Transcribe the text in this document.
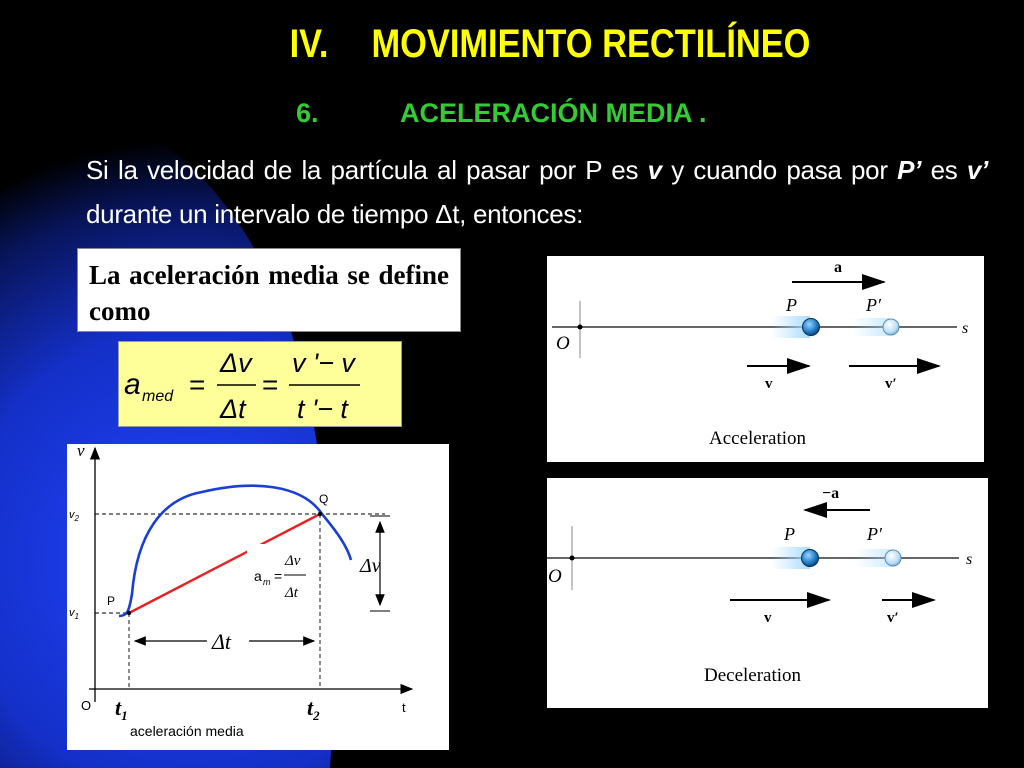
IV. MOVIMIENTO RECTILÍNEO
6.	ACELERACIÓN MEDIA .
Si la velocidad de la partícula al pasar por P es v y cuando pasa por P’ es v’ durante un intervalo de tiempo Δt, entonces:
La aceleración media se define como
a med =
Δv
Δt
=
v '− v
t '− t
v
t
O
$v_2$
$v_1$
P
Q
Δv
Δt
a m =
Δv
Δt
$t_1$	$t_2$
aceleración media
a
O
s
P	P′
v	v′
Acceleration
−a
O
s
P	P′
v	v′
Deceleration
